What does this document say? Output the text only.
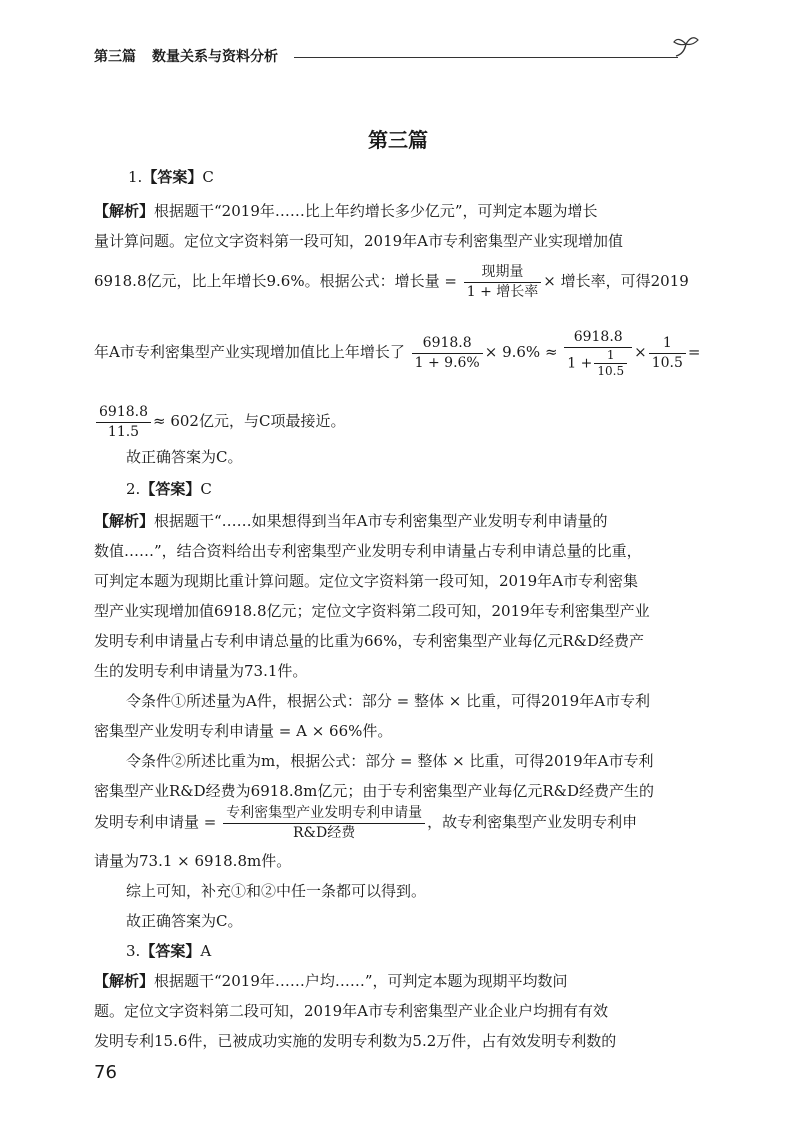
第三篇 数量关系与资料分析
第三篇
1.【答案】C
【解析】根据题干“2019年……比上年约增长多少亿元”，可判定本题为增长
量计算问题。定位文字资料第一段可知，2019年A市专利密集型产业实现增加值
6918.8亿元，比上年增长9.6%。根据公式：增长量 = $\frac{\text{现期量}}{\text{1 + 增长率}}$ × 增长率，可得2019
年A市专利密集型产业实现增加值比上年增长了 $\frac{6918.8}{1 + 9.6\%} \times 9.6\% \approx \frac{6918.8}{1 + \frac{1}{10.5}} \times \frac{1}{10.5}$ =
$\frac{6918.8}{11.5} \approx 602$亿元，与C项最接近。
故正确答案为C。
2.【答案】C
【解析】根据题干“……如果想得到当年A市专利密集型产业发明专利申请量的
数值……”，结合资料给出专利密集型产业发明专利申请量占专利申请总量的比重，
可判定本题为现期比重计算问题。定位文字资料第一段可知，2019年A市专利密集
型产业实现增加值6918.8亿元；定位文字资料第二段可知，2019年专利密集型产业
发明专利申请量占专利申请总量的比重为66%，专利密集型产业每亿元R&D经费产
生的发明专利申请量为73.1件。
令条件①所述量为A件，根据公式：部分 = 整体 × 比重，可得2019年A市专利
密集型产业发明专利申请量 = A × 66%件。
令条件②所述比重为m，根据公式：部分 = 整体 × 比重，可得2019年A市专利
密集型产业R&D经费为6918.8m亿元；由于专利密集型产业每亿元R&D经费产生的
发明专利申请量 = $\frac{\text{专利密集型产业发明专利申请量}}{\text{R\&D经费}}$ ，故专利密集型产业发明专利申
请量为73.1 × 6918.8m件。
综上可知，补充①和②中任一条都可以得到。
故正确答案为C。
3.【答案】A
【解析】根据题干“2019年……户均……”，可判定本题为现期平均数问
题。定位文字资料第二段可知，2019年A市专利密集型产业企业户均拥有有效
发明专利15.6件，已被成功实施的发明专利数为5.2万件，占有效发明专利数的
76
